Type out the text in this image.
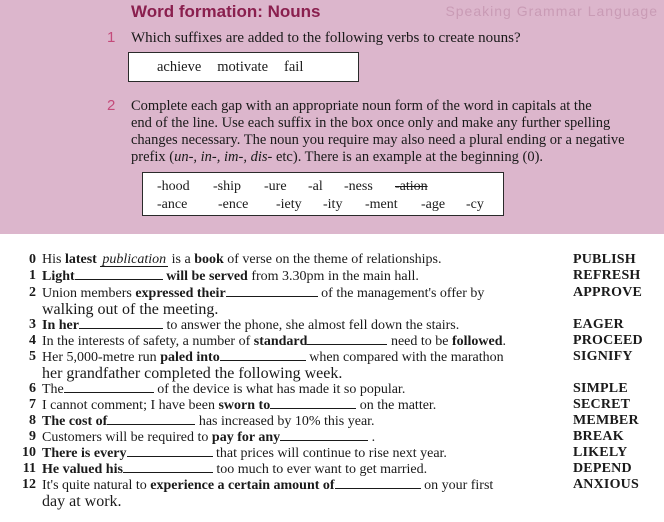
Speaking Grammar Language
Word formation: Nouns
1 Which suffixes are added to the following verbs to create nouns?
achieve motivate fail
2 Complete each gap with an appropriate noun form of the word in capitals at the
end of the line. Use each suffix in the box once only and make any further spelling
changes necessary. The noun you require may also need a plural ending or a negative
prefix (un-, in-, im-, dis- etc). There is an example at the beginning (0).
-hood -ship -ure -al -ness -ation
-ance -ence -iety -ity -ment -age -cy
0 His latest publication is a book of verse on the theme of relationships.	PUBLISH
1 Light	will be served from 3.30pm in the main hall.	REFRESH
2 Union members expressed their	of the management's offer by
walking out of the meeting.
APPROVE
3 In her	to answer the phone, she almost fell down the stairs.	EAGER
4 In the interests of safety, a number of standard	need to be followed.	PROCEED
5 Her 5,000-metre run paled into	when compared with the marathon
her grandfather completed the following week.
SIGNIFY
6 The	of the device is what has made it so popular.	SIMPLE
7 I cannot comment; I have been sworn to	on the matter.	SECRET
8 The cost of	has increased by 10% this year.	MEMBER
9 Customers will be required to pay for any	.	BREAK
10 There is every	that prices will continue to rise next year.	LIKELY
11 He valued his	too much to ever want to get married.	DEPEND
12 It's quite natural to experience a certain amount of	on your first
day at work.
ANXIOUS
